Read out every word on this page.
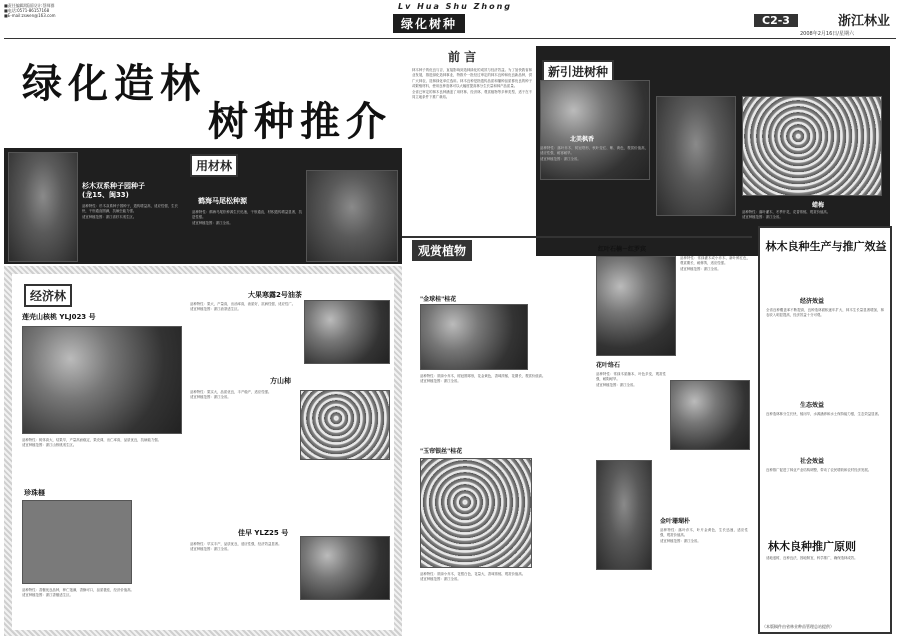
■责任编辑/版面设计:蔡师群
■电话:0571-86157168
■E-mail:zswen@163.com
Lv Hua Shu Zhong
绿化树种	C2-3	浙江林业
2008年2月16日/星期六
绿化造林
树种推介
前 言
林木种子的优良与否，直接影响到造林绿化的成效与经济效益。为了加快我省林业发展，推进绿化造林事业，特推介一批经过审定的林木良种和优良新品种，供广大林农、造林绿化单位选用。林木良种是指遗传品质和播种品质都优良的种子或繁殖材料，使用良种造林可以大幅度提高林分生长量和林产品质量。
全省已审定的林木良种涵盖了用材林、经济林、观赏植物等多种类型，适于在不同立地条件下推广栽培。
新引进树种
北美枫香
品种特性：落叶乔木，树冠塔形，秋叶变红、紫、黄色，观赏价值高，适应性强，耐寒耐旱。
适宜种植范围：浙江全省。
蜡梅
品种特性：落叶灌木，冬季开花，花香浓郁，观赏价值高。
适宜种植范围：浙江全省。
用材林
杉木双系种子园种子
(龙15、闽33)
品种特性：杉木双系种子园种子，遗传增益高，适应性强，生长快，干形通直圆满，抗病虫能力强。
适宜种植范围：浙江省杉木适生区。
鹤海马尾松种源
品种特性：鹤海马尾松种源生长迅速，干形通直，材积遗传增益显著，抗逆性强。
适宜种植范围：浙江全省。
观赏植物
"金球桂"桂花
品种特性：常绿小乔木，树冠圆球形，花金黄色，香味浓郁，花期长，观赏价值高。
适宜种植范围：浙江全省。
红叶石楠－红罗宾
品种特性：常绿灌木或小乔木，新叶鲜红色，观赏期长，耐修剪，适应性强。
适宜种植范围：浙江全省。
花叶络石
品种特性：常绿木质藤本，叶色多变，观赏性强，耐阴耐旱。
适宜种植范围：浙江全省。
"玉帘银丝"桂花
品种特性：常绿小乔木，花银白色，花量大，香味浓郁，观赏价值高。
适宜种植范围：浙江全省。
金叶珊瑚朴
品种特性：落叶乔木，叶片金黄色，生长迅速，适应性强，观赏价值高。
适宜种植范围：浙江全省。
经济林
莲壳山核桃 YLJ023 号
品种特性：树体高大，结果早，产量高而稳定，果壳薄，出仁率高，品质优良，抗病能力强。
适宜种植范围：浙江山核桃适生区。
珍珠榧
品种特性：香榧优良品种，种仁饱满，香酥可口，品质极佳，经济价值高。
适宜种植范围：浙江香榧适生区。
大果寒露2号油茶
品种特性：果大，产量高，出油率高，油质好，抗病性强，适应性广。
适宜种植范围：浙江油茶适生区。
方山柿
品种特性：果实大，品质优良，丰产稳产，适应性强。
适宜种植范围：浙江全省。
佳早 YLZ25 号
品种特性：早实丰产，品质优良，适应性强，经济效益显著。
适宜种植范围：浙江全省。
林木良种生产与推广效益
经济效益
全省良种覆盖率不断提高，良种造林面积逐年扩大，林木生长量显著增加，林农收入明显提高，经济效益十分可观。
生态效益
良种造林林分生长快，郁闭早，水源涵养和水土保持能力强，生态效益显著。
社会效益
良种推广促进了林业产业结构调整，带动了农民增收和农村经济发展。
林木良种推广原则
适地适树，良种良法，因地制宜，科学推广，确保造林成效。
（本版稿件由省林业种苗管理总站提供）
